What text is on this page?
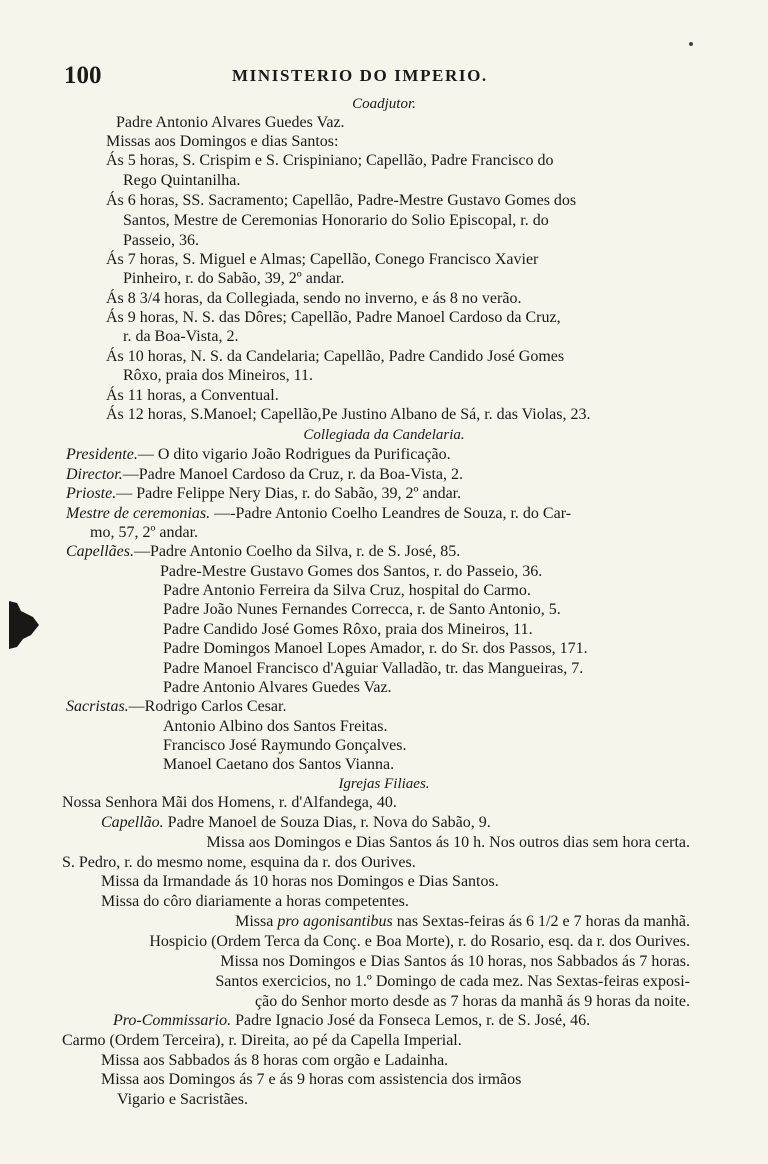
100	MINISTERIO DO IMPERIO.
Coadjutor.
Padre Antonio Alvares Guedes Vaz.
Missas aos Domingos e dias Santos:
Ás 5 horas, S. Crispim e S. Crispiniano; Capellão, Padre Francisco do
Rego Quintanilha.
Ás 6 horas, SS. Sacramento; Capellão, Padre-Mestre Gustavo Gomes dos
Santos, Mestre de Ceremonias Honorario do Solio Episcopal, r. do
Passeio, 36.
Ás 7 horas, S. Miguel e Almas; Capellão, Conego Francisco Xavier
Pinheiro, r. do Sabão, 39, 2º andar.
Ás 8 3/4 horas, da Collegiada, sendo no inverno, e ás 8 no verão.
Ás 9 horas, N. S. das Dôres; Capellão, Padre Manoel Cardoso da Cruz,
r. da Boa-Vista, 2.
Ás 10 horas, N. S. da Candelaria; Capellão, Padre Candido José Gomes
Rôxo, praia dos Mineiros, 11.
Ás 11 horas, a Conventual.
Ás 12 horas, S.Manoel; Capellão,Pe Justino Albano de Sá, r. das Violas, 23.
Collegiada da Candelaria.
Presidente.— O dito vigario João Rodrigues da Purificação.
Director.—Padre Manoel Cardoso da Cruz, r. da Boa-Vista, 2.
Prioste.— Padre Felippe Nery Dias, r. do Sabão, 39, 2º andar.
Mestre de ceremonias. —-Padre Antonio Coelho Leandres de Souza, r. do Car-
mo, 57, 2º andar.
Capellães.—Padre Antonio Coelho da Silva, r. de S. José, 85.
Padre-Mestre Gustavo Gomes dos Santos, r. do Passeio, 36.
Padre Antonio Ferreira da Silva Cruz, hospital do Carmo.
Padre João Nunes Fernandes Correcca, r. de Santo Antonio, 5.
Padre Candido José Gomes Rôxo, praia dos Mineiros, 11.
Padre Domingos Manoel Lopes Amador, r. do Sr. dos Passos, 171.
Padre Manoel Francisco d'Aguiar Valladão, tr. das Mangueiras, 7.
Padre Antonio Alvares Guedes Vaz.
Sacristas.—Rodrigo Carlos Cesar.
Antonio Albino dos Santos Freitas.
Francisco José Raymundo Gonçalves.
Manoel Caetano dos Santos Vianna.
Igrejas Filiaes.
Nossa Senhora Mãi dos Homens, r. d'Alfandega, 40.
Capellão. Padre Manoel de Souza Dias, r. Nova do Sabão, 9.
Missa aos Domingos e Dias Santos ás 10 h. Nos outros dias sem hora certa.
S. Pedro, r. do mesmo nome, esquina da r. dos Ourives.
Missa da Irmandade ás 10 horas nos Domingos e Dias Santos.
Missa do côro diariamente a horas competentes.
Missa pro agonisantibus nas Sextas-feiras ás 6 1/2 e 7 horas da manhã.
Hospicio (Ordem Terca da Conç. e Boa Morte), r. do Rosario, esq. da r. dos Ourives.
Missa nos Domingos e Dias Santos ás 10 horas, nos Sabbados ás 7 horas.
Santos exercicios, no 1.º Domingo de cada mez. Nas Sextas-feiras exposi-
ção do Senhor morto desde as 7 horas da manhã ás 9 horas da noite.
Pro-Commissario. Padre Ignacio José da Fonseca Lemos, r. de S. José, 46.
Carmo (Ordem Terceira), r. Direita, ao pé da Capella Imperial.
Missa aos Sabbados ás 8 horas com orgão e Ladainha.
Missa aos Domingos ás 7 e ás 9 horas com assistencia dos irmãos
Vigario e Sacristães.
